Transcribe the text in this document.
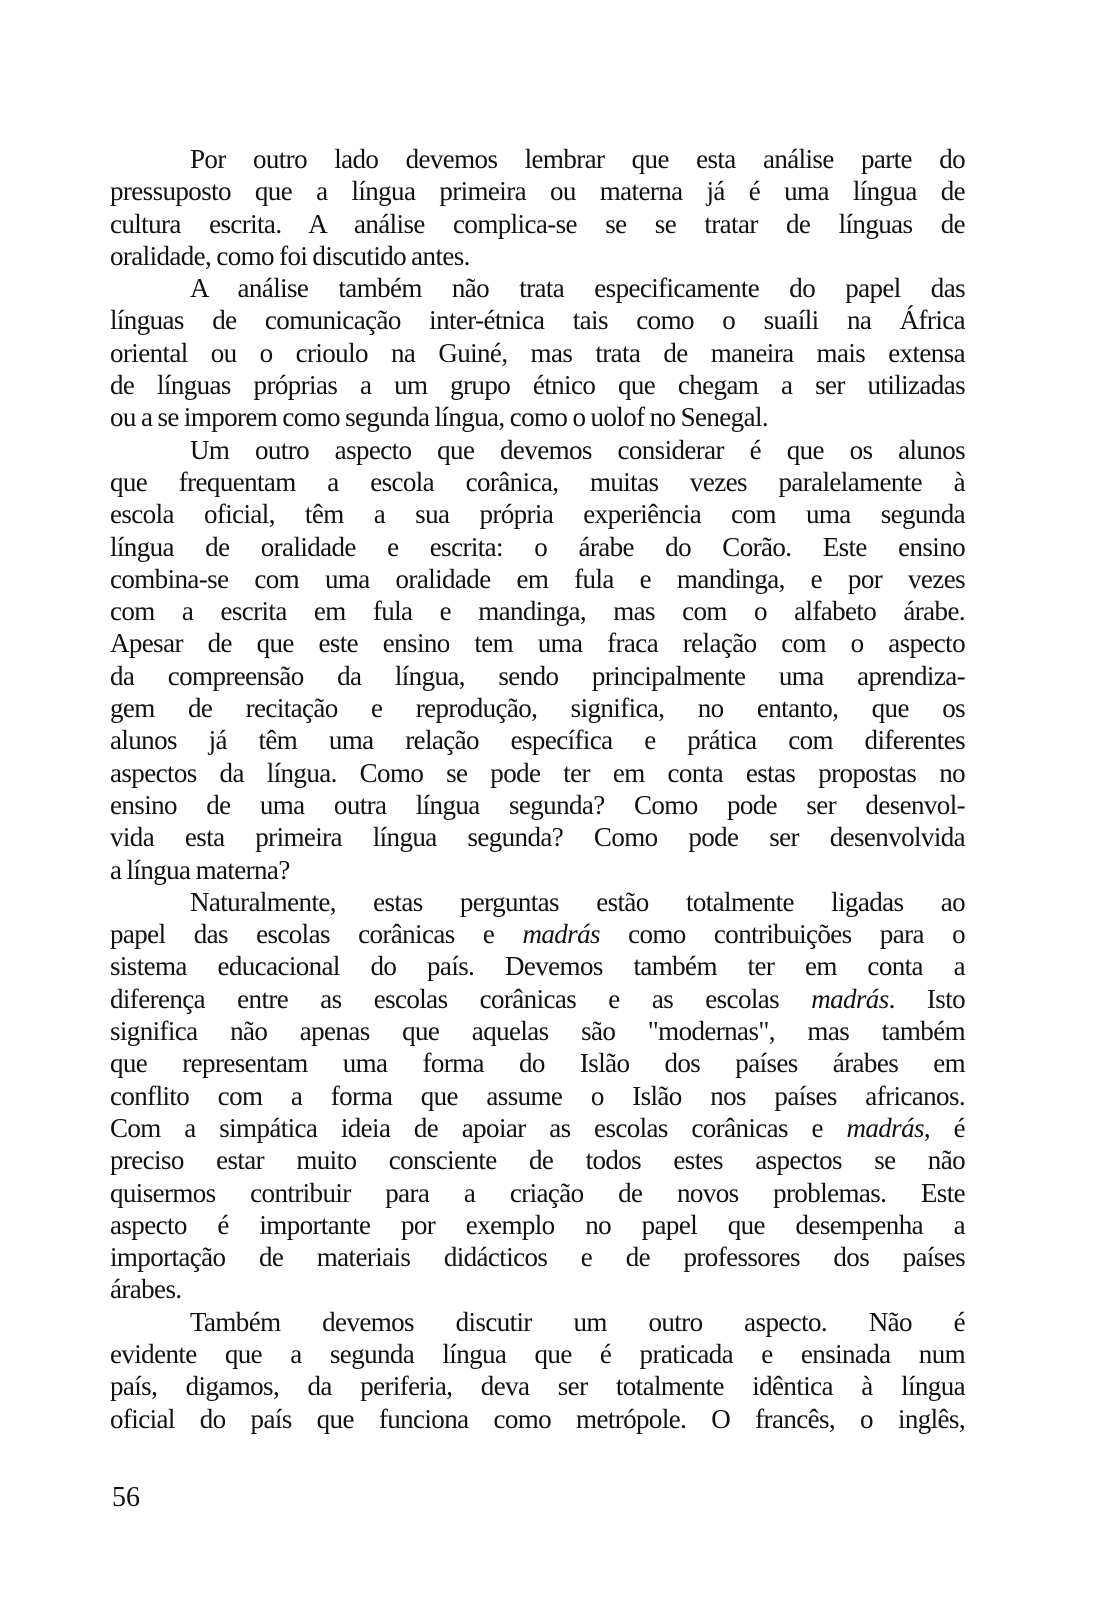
Por outro lado devemos lembrar que esta análise parte do
pressuposto que a língua primeira ou materna já é uma língua de
cultura escrita. A análise complica-se se se tratar de línguas de
oralidade, como foi discutido antes.
A análise também não trata especificamente do papel das
línguas de comunicação inter-étnica tais como o suaíli na África
oriental ou o crioulo na Guiné, mas trata de maneira mais extensa
de línguas próprias a um grupo étnico que chegam a ser utilizadas
ou a se imporem como segunda língua, como o uolof no Senegal.
Um outro aspecto que devemos considerar é que os alunos
que frequentam a escola corânica, muitas vezes paralelamente à
escola oficial, têm a sua própria experiência com uma segunda
língua de oralidade e escrita: o árabe do Corão. Este ensino
combina-se com uma oralidade em fula e mandinga, e por vezes
com a escrita em fula e mandinga, mas com o alfabeto árabe.
Apesar de que este ensino tem uma fraca relação com o aspecto
da compreensão da língua, sendo principalmente uma aprendiza-
gem de recitação e reprodução, significa, no entanto, que os
alunos já têm uma relação específica e prática com diferentes
aspectos da língua. Como se pode ter em conta estas propostas no
ensino de uma outra língua segunda? Como pode ser desenvol-
vida esta primeira língua segunda? Como pode ser desenvolvida
a língua materna?
Naturalmente, estas perguntas estão totalmente ligadas ao
papel das escolas corânicas e madrás como contribuições para o
sistema educacional do país. Devemos também ter em conta a
diferença entre as escolas corânicas e as escolas madrás. Isto
significa não apenas que aquelas são "modernas", mas também
que representam uma forma do Islão dos países árabes em
conflito com a forma que assume o Islão nos países africanos.
Com a simpática ideia de apoiar as escolas corânicas e madrás, é
preciso estar muito consciente de todos estes aspectos se não
quisermos contribuir para a criação de novos problemas. Este
aspecto é importante por exemplo no papel que desempenha a
importação de materiais didácticos e de professores dos países
árabes.
Também devemos discutir um outro aspecto. Não é
evidente que a segunda língua que é praticada e ensinada num
país, digamos, da periferia, deva ser totalmente idêntica à língua
oficial do país que funciona como metrópole. O francês, o inglês,
56
